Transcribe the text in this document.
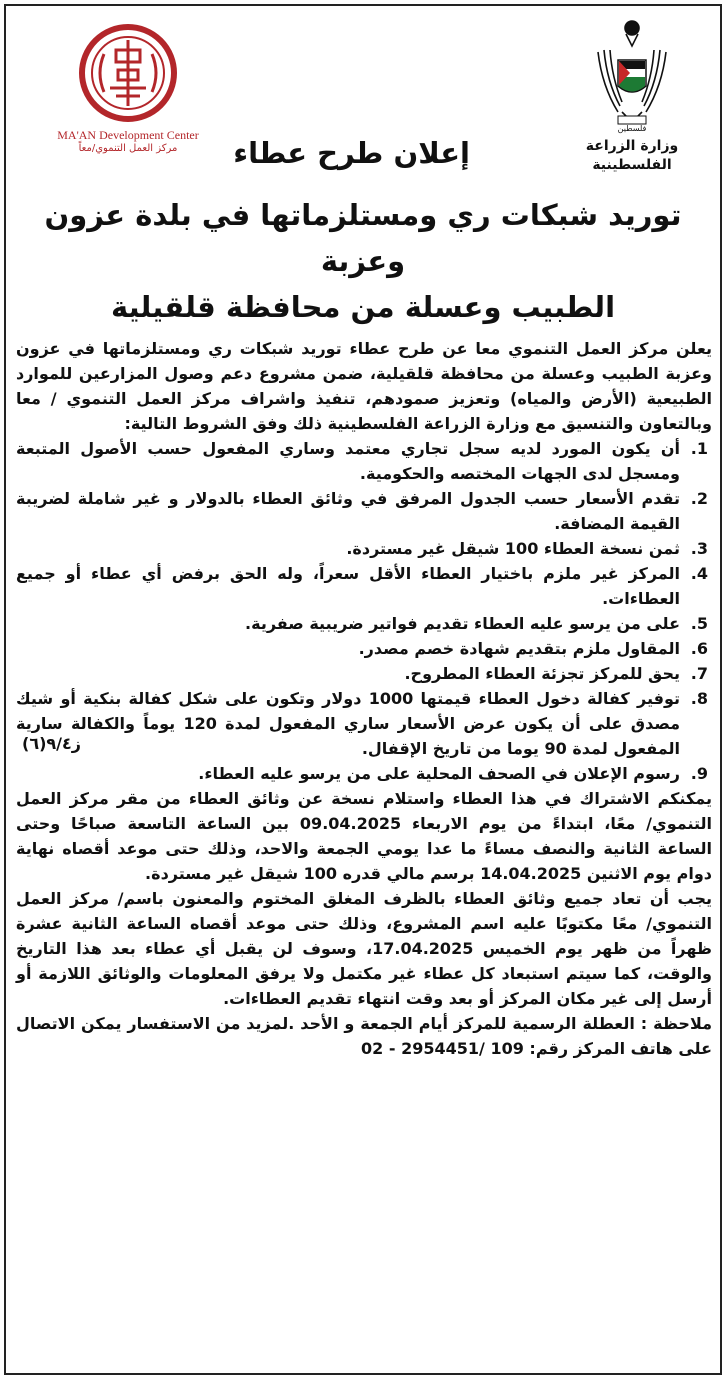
MA'AN Development Center
مركز العمل التنموي/معاً
فلسطين
وزارة الزراعة
الفلسطينية
إعلان طرح عطاء

توريد شبكات ري ومستلزماتها في بلدة عزون وعزبة

الطبيب وعسلة من محافظة قلقيلية

يعلن مركز العمل التنموي معا عن طرح عطاء توريد شبكات ري ومستلزماتها في عزون وعزبة الطبيب وعسلة من محافظة قلقيلية، ضمن مشروع دعم وصول المزارعين للموارد الطبيعية (الأرض والمياه) وتعزيز صمودهم، تنفيذ واشراف مركز العمل التنموي / معا وبالتعاون والتنسيق مع وزارة الزراعة الفلسطينية ذلك وفق الشروط التالية:

1.
أن يكون المورد لديه سجل تجاري معتمد وساري المفعول حسب الأصول المتبعة ومسجل لدى الجهات المختصه والحكومية.
2.
تقدم الأسعار حسب الجدول المرفق في وثائق العطاء بالدولار و غير شاملة لضريبة القيمة المضافة.
3.
ثمن نسخة العطاء 100 شيقل غير مستردة.
4.
المركز غير ملزم باختيار العطاء الأقل سعراً، وله الحق برفض أي عطاء أو جميع العطاءات.
5.
على من يرسو عليه العطاء تقديم فواتير ضريبية صفرية.
6.
المقاول ملزم بتقديم شهادة خصم مصدر.
7.
يحق للمركز تجزئة العطاء المطروح.
8.
توفير كفالة دخول العطاء قيمتها 1000 دولار وتكون على شكل كفالة بنكية أو شيك مصدق على أن يكون عرض الأسعار ساري المفعول لمدة 120 يوماً والكفالة سارية المفعول لمدة 90 يوما من تاريخ الإقفال.
9.
رسوم الإعلان في الصحف المحلية على من يرسو عليه العطاء.

يمكنكم الاشتراك في هذا العطاء واستلام نسخة عن وثائق العطاء من مقر مركز العمل التنموي/ معًا، ابتداءً من يوم الاربعاء 09.04.2025 بين الساعة التاسعة صباحًا وحتى الساعة الثانية والنصف مساءً ما عدا يومي الجمعة والاحد، وذلك حتى موعد أقصاه نهاية دوام يوم الاثنين 14.04.2025 برسم مالي قدره 100 شيقل غير مستردة.

يجب أن تعاد جميع وثائق العطاء بالظرف المغلق المختوم والمعنون باسم/ مركز العمل التنموي/ معًا مكتوبًا عليه اسم المشروع، وذلك حتى موعد أقصاه الساعة الثانية عشرة ظهراً من ظهر يوم الخميس 17.04.2025، وسوف لن يقبل أي عطاء بعد هذا التاريخ والوقت، كما سيتم استبعاد كل عطاء غير مكتمل ولا يرفق المعلومات والوثائق اللازمة أو أرسل إلى غير مكان المركز أو بعد وقت انتهاء تقديم العطاءات.

ملاحظة : العطلة الرسمية للمركز أيام الجمعة و الأحد .لمزيد من الاستفسار يمكن الاتصال على هاتف المركز رقم: 109 /2954451 - 02

ز٩/٤(٦)
